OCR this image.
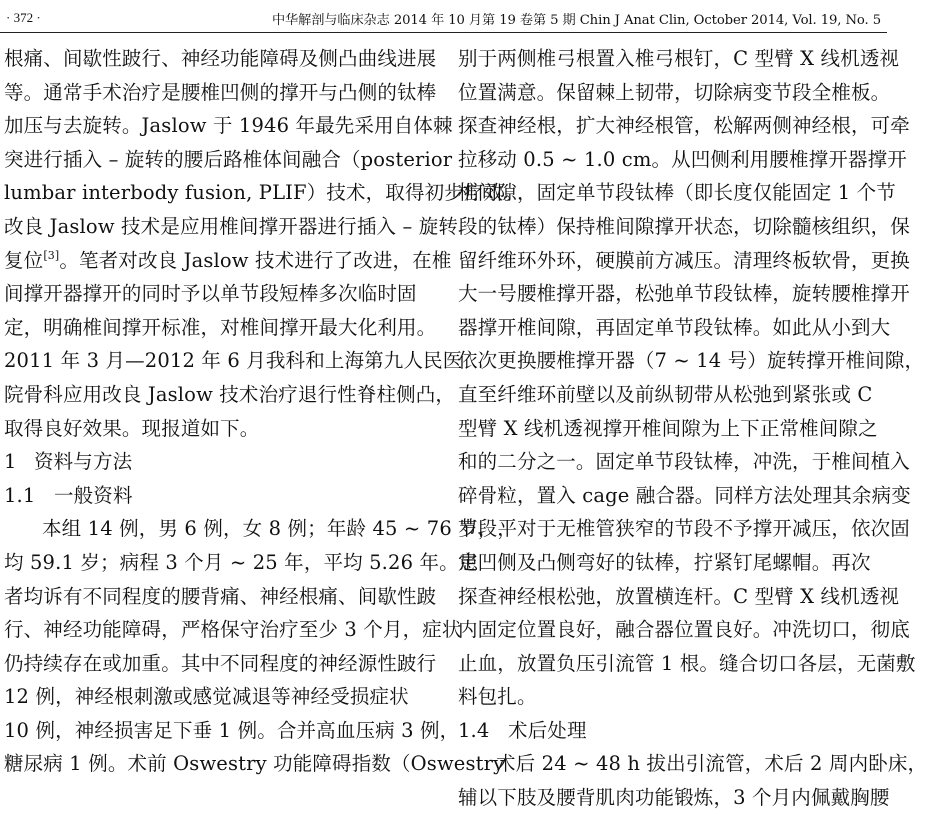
· 372 ·	中华解剖与临床杂志 2014 年 10 月第 19 卷第 5 期 Chin J Anat Clin, October 2014, Vol. 19, No. 5
根痛、间歇性跛行、神经功能障碍及侧凸曲线进展
等。通常手术治疗是腰椎凹侧的撑开与凸侧的钛棒
加压与去旋转。Jaslow 于 1946 年最先采用自体棘
突进行插入 – 旋转的腰后路椎体间融合（posterior
lumbar interbody fusion, PLIF）技术，取得初步疗效。
改良 Jaslow 技术是应用椎间撑开器进行插入 – 旋转
复位[3]。笔者对改良 Jaslow 技术进行了改进，在椎
间撑开器撑开的同时予以单节段短棒多次临时固
定，明确椎间撑开标准，对椎间撑开最大化利用。
2011 年 3 月—2012 年 6 月我科和上海第九人民医
院骨科应用改良 Jaslow 技术治疗退行性脊柱侧凸，
取得良好效果。现报道如下。
1 资料与方法
1.1 一般资料
本组 14 例，男 6 例，女 8 例；年龄 45 ~ 76 岁，平
均 59.1 岁；病程 3 个月 ~ 25 年，平均 5.26 年。患
者均诉有不同程度的腰背痛、神经根痛、间歇性跛
行、神经功能障碍，严格保守治疗至少 3 个月，症状
仍持续存在或加重。其中不同程度的神经源性跛行
12 例，神经根刺激或感觉减退等神经受损症状
10 例，神经损害足下垂 1 例。合并高血压病 3 例，
糖尿病 1 例。术前 Oswestry 功能障碍指数（Oswestry
别于两侧椎弓根置入椎弓根钉，C 型臂 X 线机透视
位置满意。保留棘上韧带，切除病变节段全椎板。
探查神经根，扩大神经根管，松解两侧神经根，可牵
拉移动 0.5 ~ 1.0 cm。从凹侧利用腰椎撑开器撑开
椎间隙，固定单节段钛棒（即长度仅能固定 1 个节
段的钛棒）保持椎间隙撑开状态，切除髓核组织，保
留纤维环外环，硬膜前方减压。清理终板软骨，更换
大一号腰椎撑开器，松弛单节段钛棒，旋转腰椎撑开
器撑开椎间隙，再固定单节段钛棒。如此从小到大
依次更换腰椎撑开器（7 ~ 14 号）旋转撑开椎间隙，
直至纤维环前壁以及前纵韧带从松弛到紧张或 C
型臂 X 线机透视撑开椎间隙为上下正常椎间隙之
和的二分之一。固定单节段钛棒，冲洗，于椎间植入
碎骨粒，置入 cage 融合器。同样方法处理其余病变
节段，对于无椎管狭窄的节段不予撑开减压，依次固
定凹侧及凸侧弯好的钛棒，拧紧钉尾螺帽。再次
探查神经根松弛，放置横连杆。C 型臂 X 线机透视
内固定位置良好，融合器位置良好。冲洗切口，彻底
止血，放置负压引流管 1 根。缝合切口各层，无菌敷
料包扎。
1.4 术后处理
术后 24 ~ 48 h 拔出引流管，术后 2 周内卧床，
辅以下肢及腰背肌肉功能锻炼，3 个月内佩戴胸腰
